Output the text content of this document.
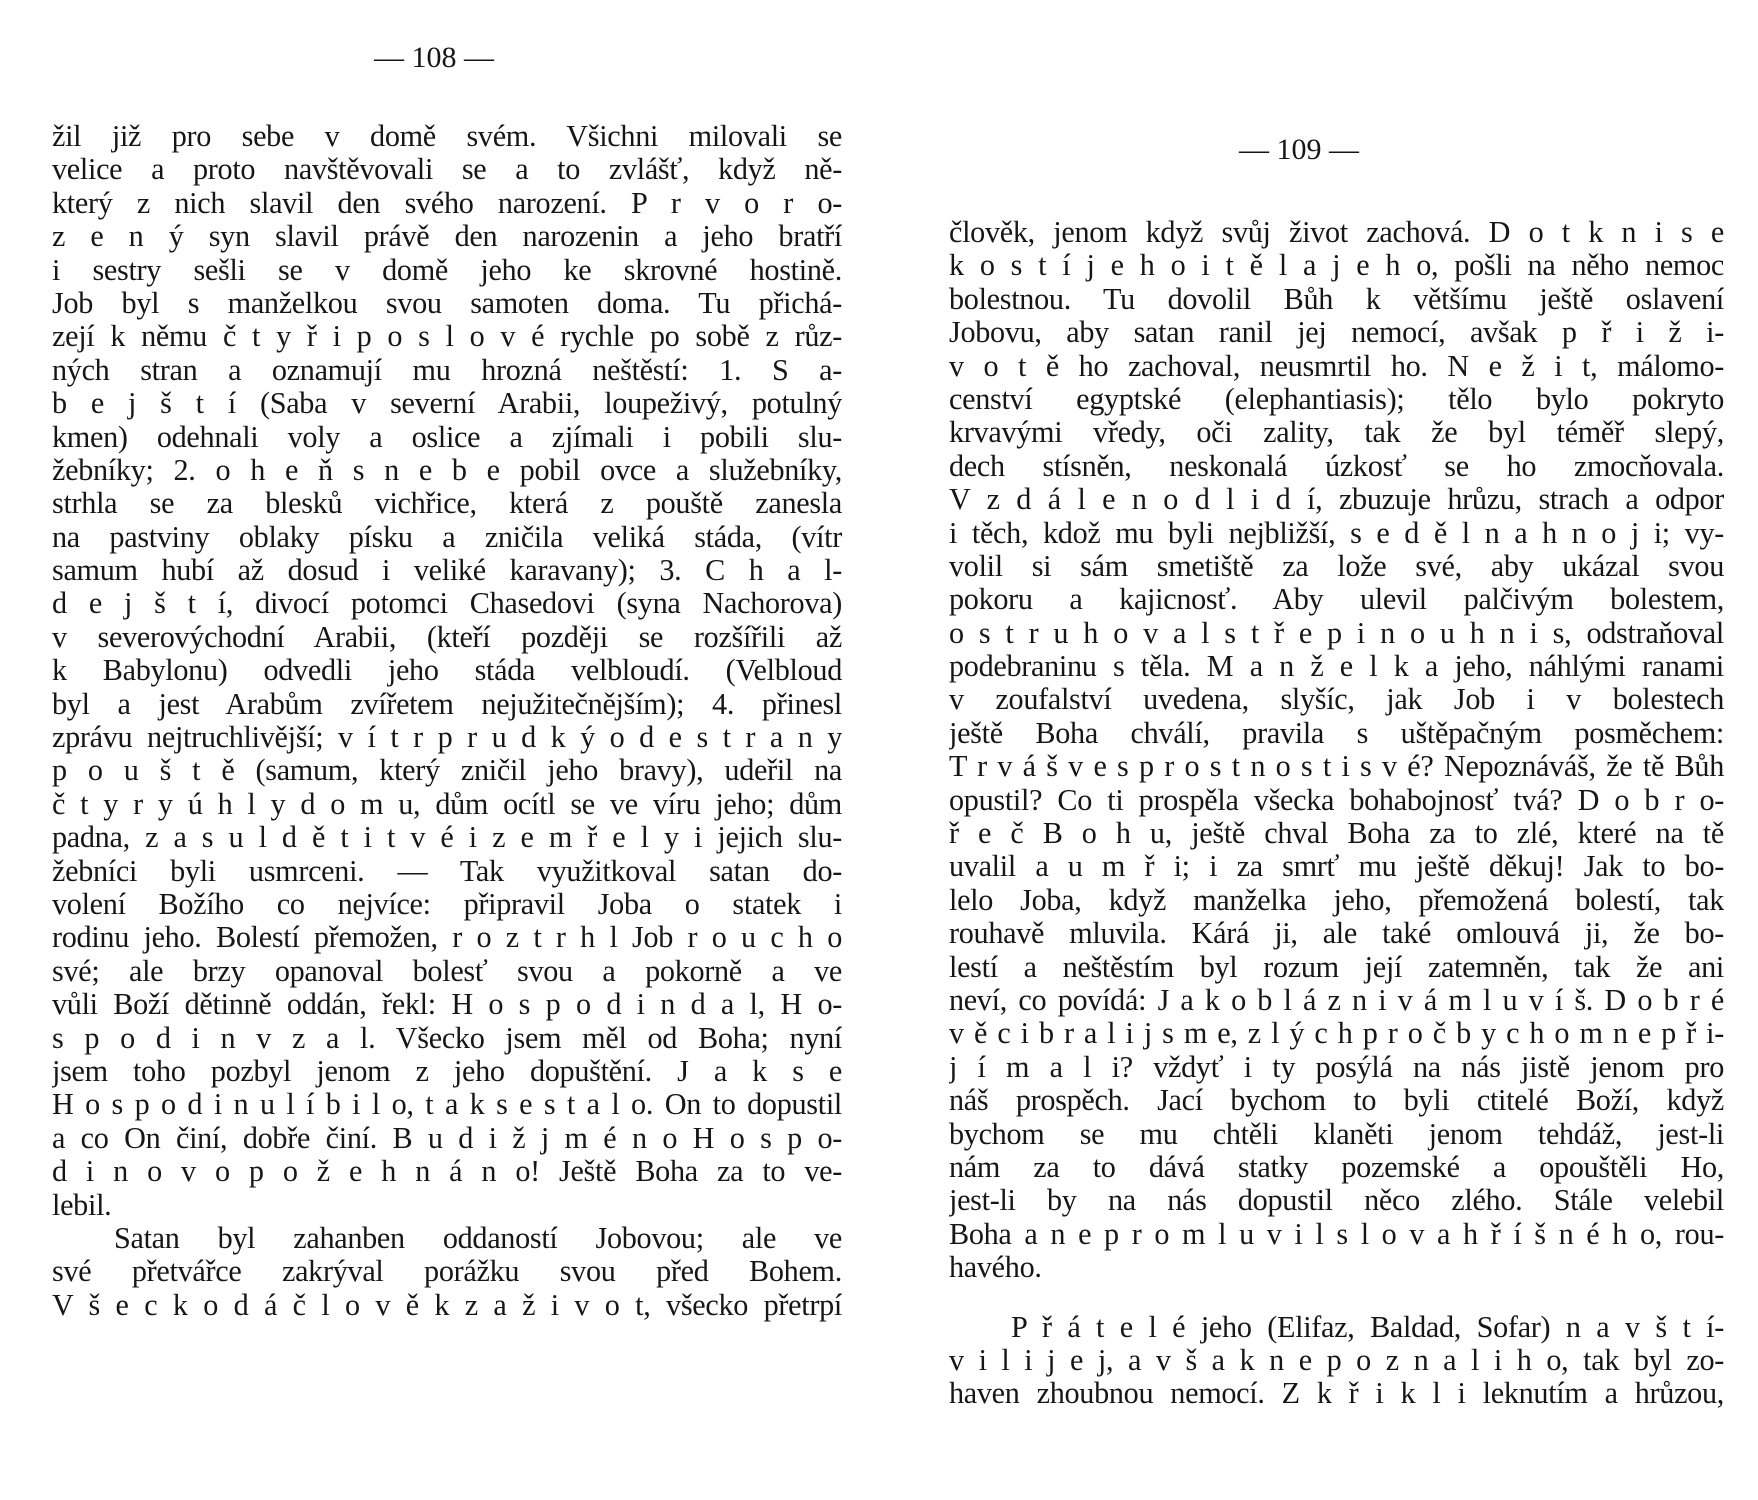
— 108 —
žil již pro sebe v domě svém. Všichni milovali se
velice a proto navštěvovali se a to zvlášť, když ně-
který z nich slavil den svého narození. P r v o r o-
z e n ý syn slavil právě den narozenin a jeho bratří
i sestry sešli se v domě jeho ke skrovné hostině.
Job byl s manželkou svou samoten doma. Tu přichá-
zejí k němu č t y ř i p o s l o v é rychle po sobě z růz-
ných stran a oznamují mu hrozná neštěstí: 1. S a-
b e j š t í (Saba v severní Arabii, loupeživý, potulný
kmen) odehnali voly a oslice a zjímali i pobili slu-
žebníky; 2. o h e ň s n e b e pobil ovce a služebníky,
strhla se za blesků vichřice, která z pouště zanesla
na pastviny oblaky písku a zničila veliká stáda, (vítr
samum hubí až dosud i veliké karavany); 3. C h a l-
d e j š t í, divocí potomci Chasedovi (syna Nachorova)
v severovýchodní Arabii, (kteří později se rozšířili až
k Babylonu) odvedli jeho stáda velbloudí. (Velbloud
byl a jest Arabům zvířetem nejužitečnějším); 4. přinesl
zprávu nejtruchlivější; v í t r p r u d k ý o d e s t r a n y
p o u š t ě (samum, který zničil jeho bravy), udeřil na
č t y r y ú h l y d o m u, dům ocítl se ve víru jeho; dům
padna, z a s u l d ě t i t v é i z e m ř e l y i jejich slu-
žebníci byli usmrceni. — Tak využitkoval satan do-
volení Božího co nejvíce: připravil Joba o statek i
rodinu jeho. Bolestí přemožen, r o z t r h l Job r o u c h o
své; ale brzy opanoval bolesť svou a pokorně a ve
vůli Boží dětinně oddán, řekl: H o s p o d i n d a l, H o-
s p o d i n v z a l. Všecko jsem měl od Boha; nyní
jsem toho pozbyl jenom z jeho dopuštění. J a k s e
H o s p o d i n u l í b i l o, t a k s e s t a l o. On to dopustil
a co On činí, dobře činí. B u d i ž j m é n o H o s p o-
d i n o v o p o ž e h n á n o! Ještě Boha za to ve-
lebil.
Satan byl zahanben oddaností Jobovou; ale ve
své přetvářce zakrýval porážku svou před Bohem.
V š e c k o d á č l o v ě k z a ž i v o t, všecko přetrpí
— 109 —
člověk, jenom když svůj život zachová. D o t k n i s e
k o s t í j e h o i t ě l a j e h o, pošli na něho nemoc
bolestnou. Tu dovolil Bůh k většímu ještě oslavení
Jobovu, aby satan ranil jej nemocí, avšak p ř i ž i-
v o t ě ho zachoval, neusmrtil ho. N e ž i t, málomo-
cenství egyptské (elephantiasis); tělo bylo pokryto
krvavými vředy, oči zality, tak že byl téměř slepý,
dech stísněn, neskonalá úzkosť se ho zmocňovala.
V z d á l e n o d l i d í, zbuzuje hrůzu, strach a odpor
i těch, kdož mu byli nejbližší, s e d ě l n a h n o j i; vy-
volil si sám smetiště za lože své, aby ukázal svou
pokoru a kajicnosť. Aby ulevil palčivým bolestem,
o s t r u h o v a l s t ř e p i n o u h n i s, odstraňoval
podebraninu s těla. M a n ž e l k a jeho, náhlými ranami
v zoufalství uvedena, slyšíc, jak Job i v bolestech
ještě Boha chválí, pravila s uštěpačným posměchem:
T r v á š v e s p r o s t n o s t i s v é? Nepoznáváš, že tě Bůh
opustil? Co ti prospěla všecka bohabojnosť tvá? D o b r o-
ř e č B o h u, ještě chval Boha za to zlé, které na tě
uvalil a u m ř i; i za smrť mu ještě děkuj! Jak to bo-
lelo Joba, když manželka jeho, přemožená bolestí, tak
rouhavě mluvila. Kárá ji, ale také omlouvá ji, že bo-
lestí a neštěstím byl rozum její zatemněn, tak že ani
neví, co povídá: J a k o b l á z n i v á m l u v í š. D o b r é
v ě c i b r a l i j s m e, z l ý c h p r o č b y c h o m n e p ř i-
j í m a l i? vždyť i ty posýlá na nás jistě jenom pro
náš prospěch. Jací bychom to byli ctitelé Boží, když
bychom se mu chtěli klaněti jenom tehdáž, jest-li
nám za to dává statky pozemské a opouštěli Ho,
jest-li by na nás dopustil něco zlého. Stále velebil
Boha a n e p r o m l u v i l s l o v a h ř í š n é h o, rou-
havého.
P ř á t e l é jeho (Elifaz, Baldad, Sofar) n a v š t í-
v i l i j e j, a v š a k n e p o z n a l i h o, tak byl zo-
haven zhoubnou nemocí. Z k ř i k l i leknutím a hrůzou,
